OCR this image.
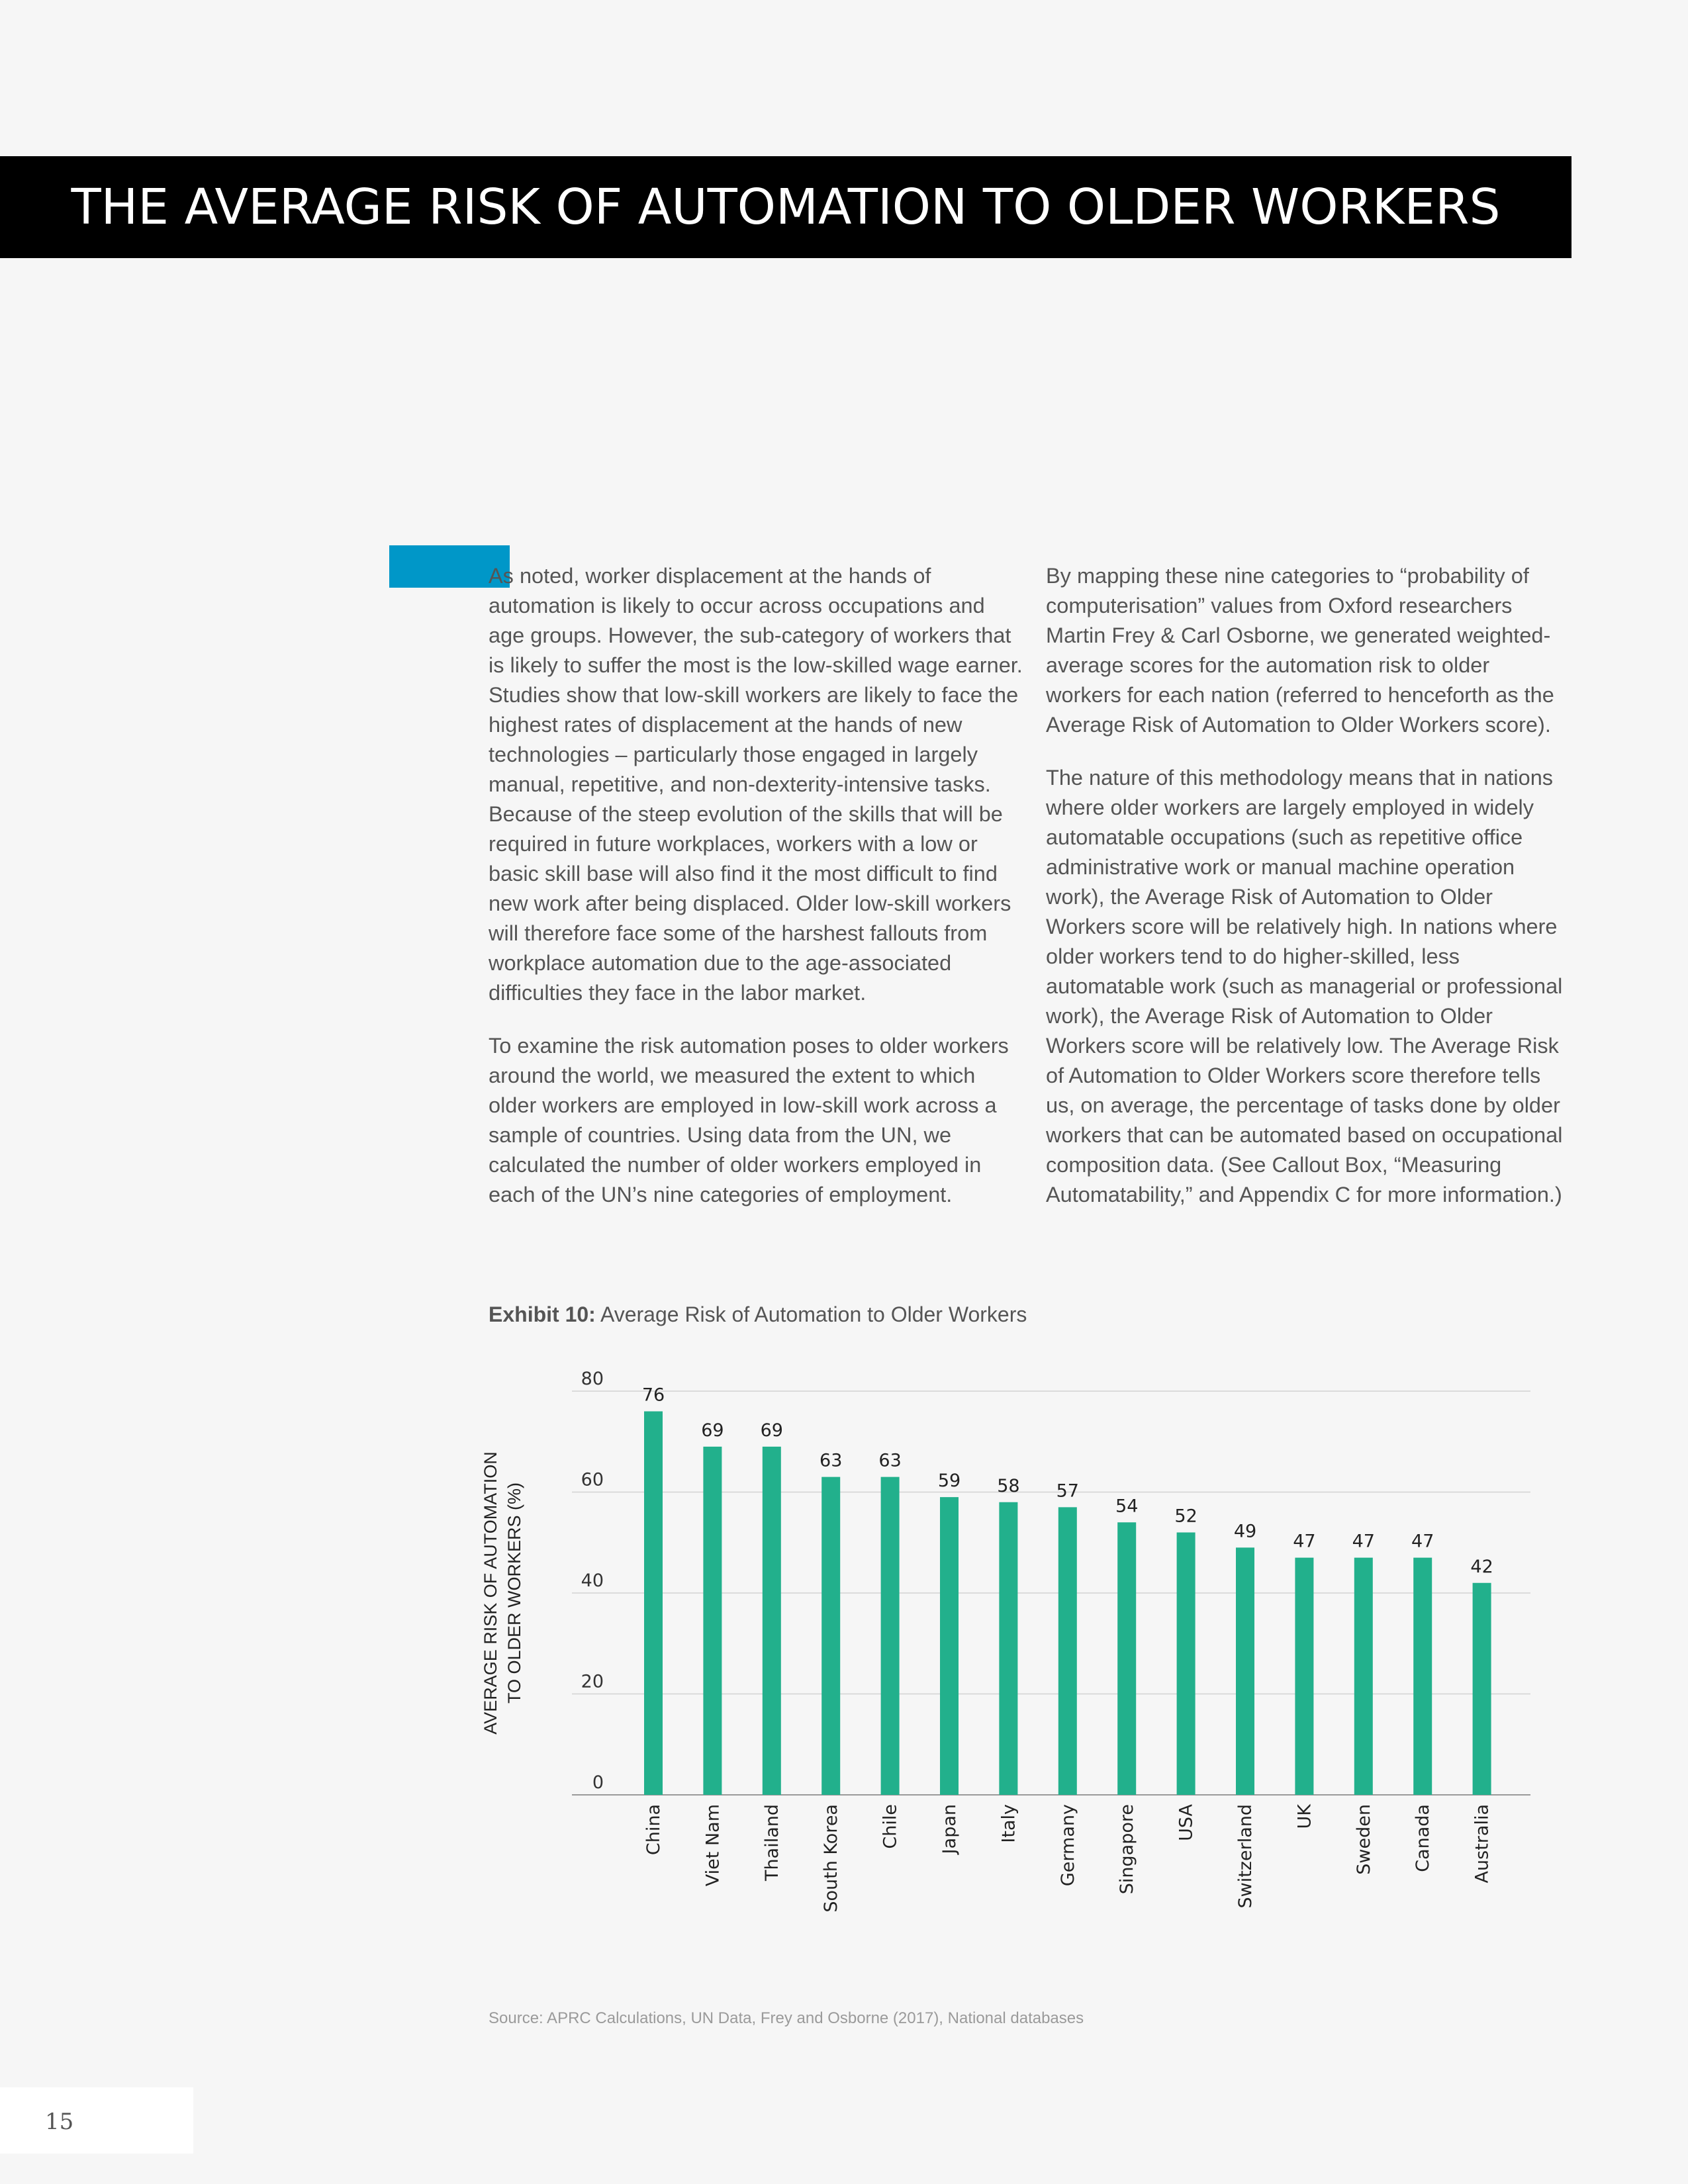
THE AVERAGE RISK OF AUTOMATION TO OLDER WORKERS

As noted, worker displacement at the hands of automation is likely to occur across occupations and age groups. However, the sub-category of workers that is likely to suffer the most is the low-skilled wage earner. Studies show that low-skill workers are likely to face the highest rates of displacement at the hands of new technologies – particularly those engaged in largely manual, repetitive, and non-dexterity-intensive tasks. Because of the steep evolution of the skills that will be required in future workplaces, workers with a low or basic skill base will also find it the most difficult to find new work after being displaced. Older low-skill workers will therefore face some of the harshest fallouts from workplace automation due to the age-associated difficulties they face in the labor market.

To examine the risk automation poses to older workers around the world, we measured the extent to which older workers are employed in low-skill work across a sample of countries. Using data from the UN, we calculated the number of older workers employed in each of the UN’s nine categories of employment.

By mapping these nine categories to “probability of computerisation” values from Oxford researchers Martin Frey & Carl Osborne, we generated weighted-average scores for the automation risk to older workers for each nation (referred to henceforth as the Average Risk of Automation to Older Workers score).

The nature of this methodology means that in nations where older workers are largely employed in widely automatable occupations (such as repetitive office administrative work or manual machine operation work), the Average Risk of Automation to Older Workers score will be relatively high. In nations where older workers tend to do higher-skilled, less automatable work (such as managerial or professional work), the Average Risk of Automation to Older Workers score will be relatively low. The Average Risk of Automation to Older Workers score therefore tells us, on average, the percentage of tasks done by older workers that can be automated based on occupational composition data. (See Callout Box, “Measuring Automatability,” and Appendix C for more information.)

Exhibit 10: Average Risk of Automation to Older Workers
0
20
40
60
80
AVERAGE RISK OF AUTOMATION TO OLDER WORKERS (%)
76
China
69
Viet Nam
69
Thailand
63
South Korea
63
Chile
59
Japan
58
Italy
57
Germany
54
Singapore
52
USA
49
Switzerland
47
UK
47
Sweden
47
Canada
42
Australia
Source: APRC Calculations, UN Data, Frey and Osborne (2017), National databases
15
